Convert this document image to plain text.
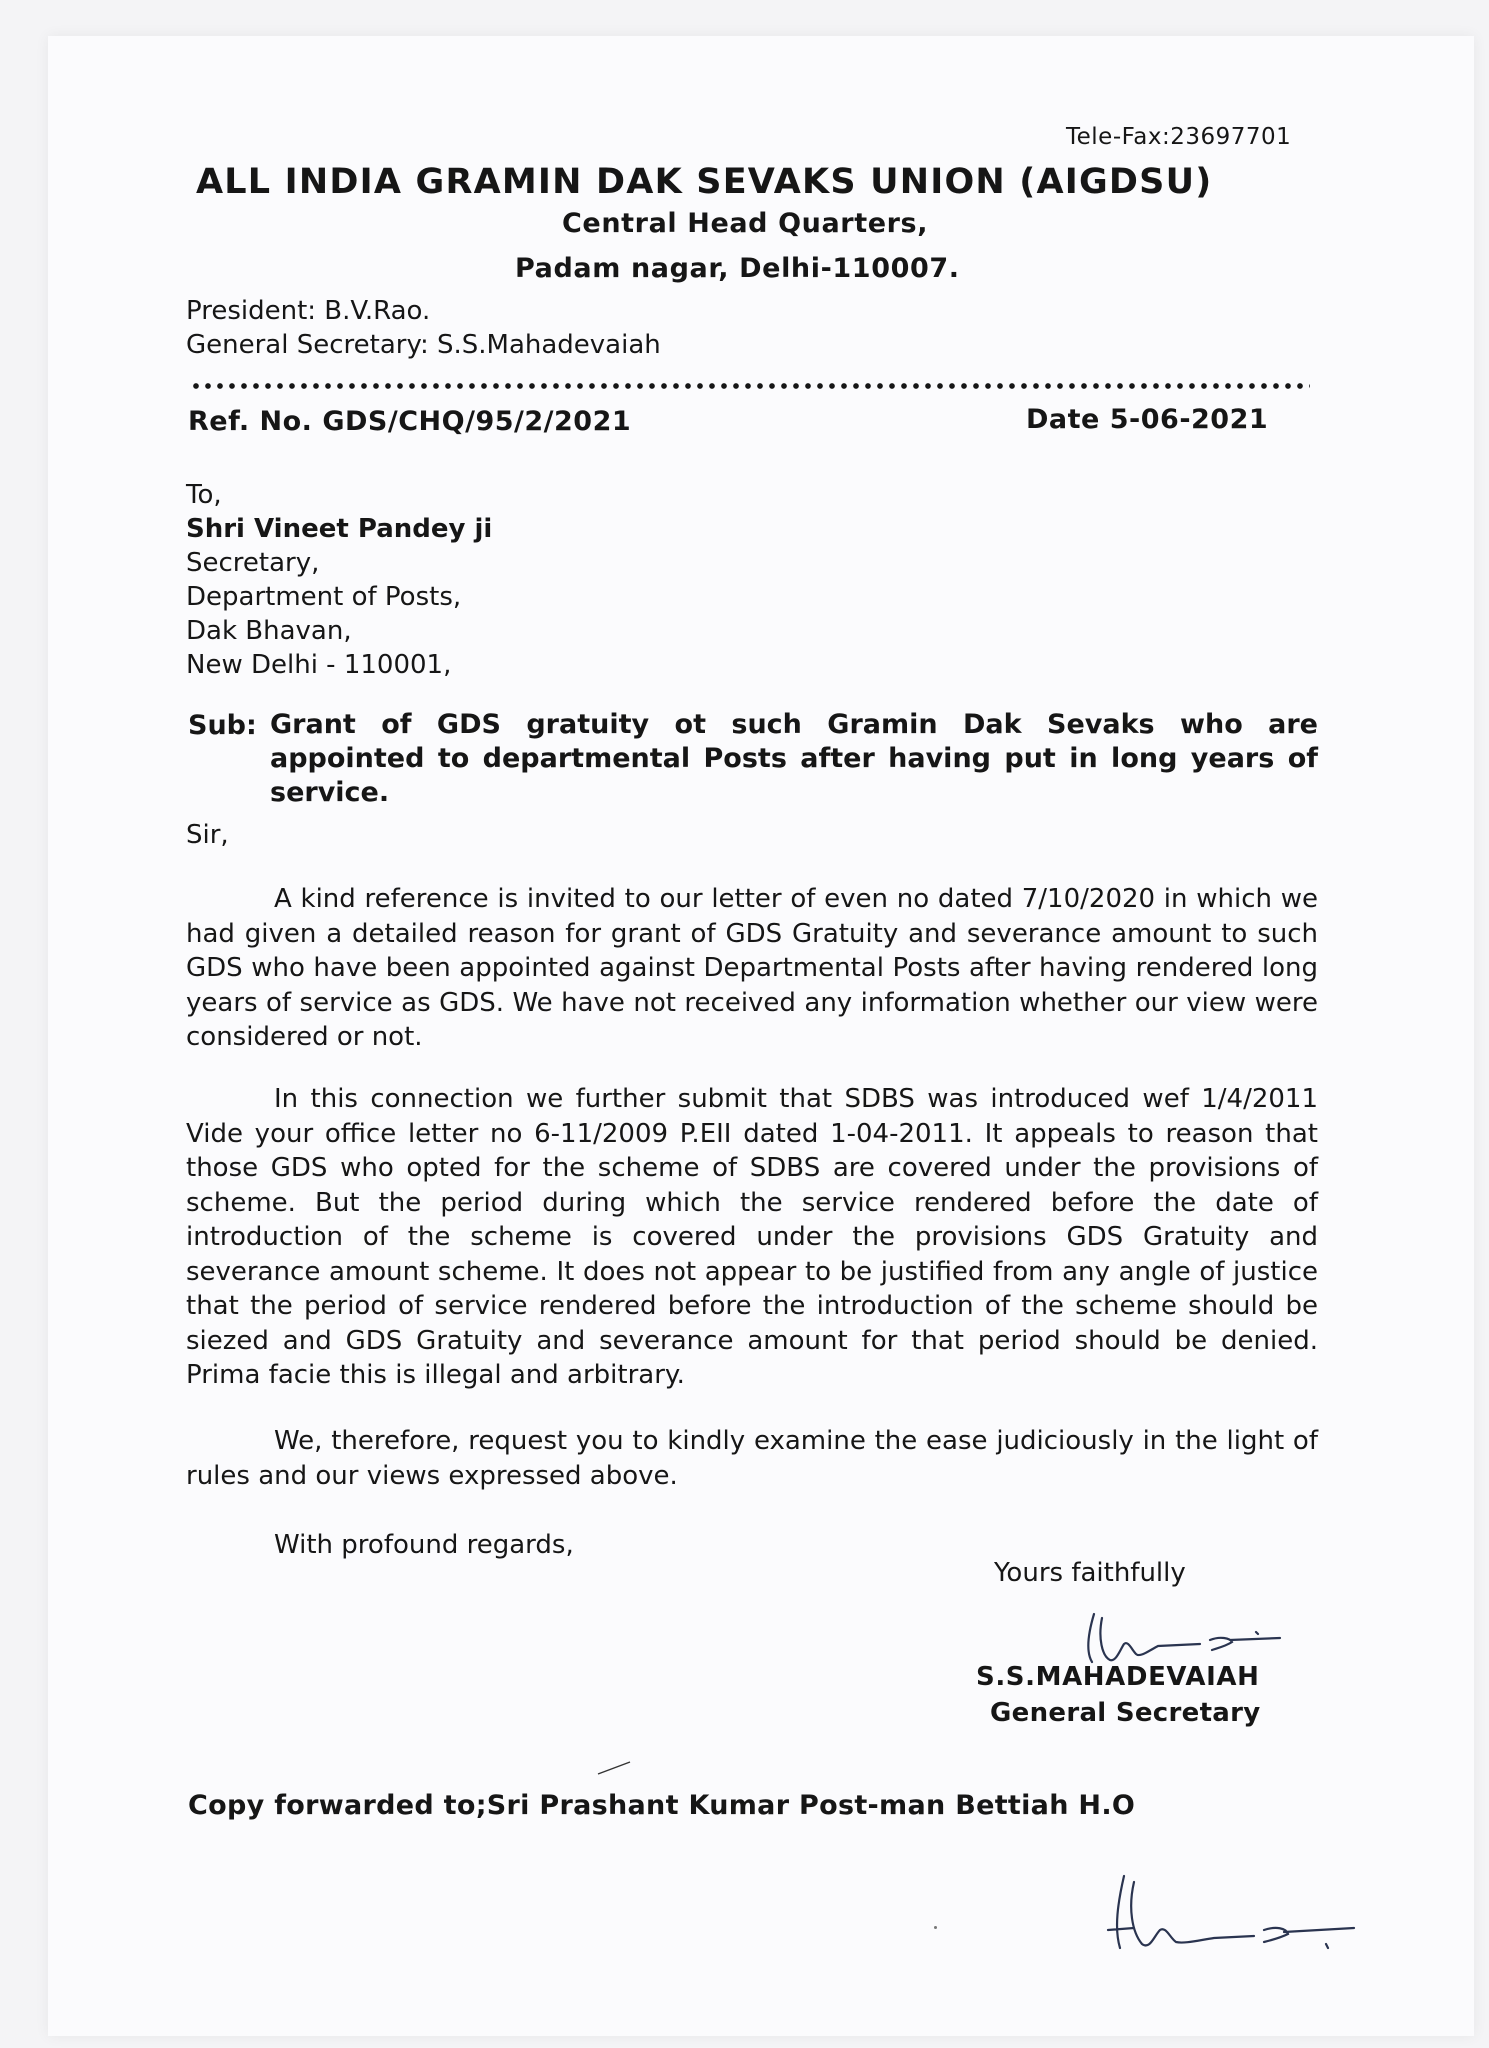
Tele-Fax:23697701
ALL INDIA GRAMIN DAK SEVAKS UNION (AIGDSU)
Central Head Quarters,
Padam nagar, Delhi-110007.
President: B.V.Rao.
General Secretary: S.S.Mahadevaiah
Ref. No. GDS/CHQ/95/2/2021	Date 5-06-2021
To,
Shri Vineet Pandey ji
Secretary,
Department of Posts,
Dak Bhavan,
New Delhi - 110001,
Sub: Grant of GDS gratuity ot such Gramin Dak Sevaks who are appointed to departmental Posts after having put in long years of service.
Sir,
A kind reference is invited to our letter of even no dated 7/10/2020 in which we had given a detailed reason for grant of GDS Gratuity and severance amount to such GDS who have been appointed against Departmental Posts after having rendered long years of service as GDS. We have not received any information whether our view were considered or not.
In this connection we further submit that SDBS was introduced wef 1/4/2011 Vide your office letter no 6-11/2009 P.EII dated 1-04-2011. It appeals to reason that those GDS who opted for the scheme of SDBS are covered under the provisions of scheme. But the period during which the service rendered before the date of introduction of the scheme is covered under the provisions GDS Gratuity and severance amount scheme. It does not appear to be justified from any angle of justice that the period of service rendered before the introduction of the scheme should be siezed and GDS Gratuity and severance amount for that period should be denied. Prima facie this is illegal and arbitrary.
We, therefore, request you to kindly examine the ease judiciously in the light of rules and our views expressed above.
With profound regards,
Yours faithfully
S.S.MAHADEVAIAH
General Secretary
Copy forwarded to;Sri Prashant Kumar Post-man Bettiah H.O
